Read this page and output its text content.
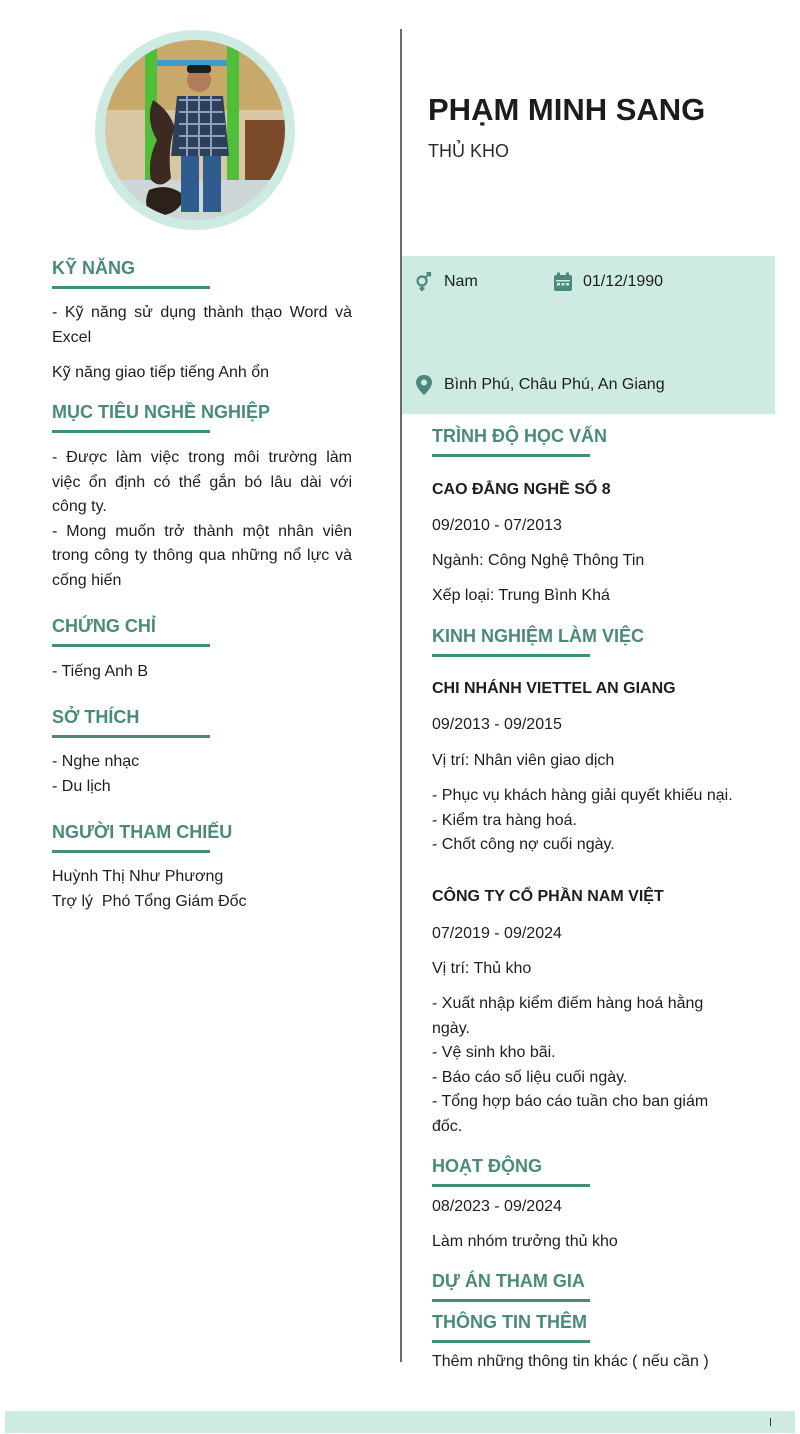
KỸ NĂNG

- Kỹ năng sử dụng thành thạo Word và Excel

Kỹ năng giao tiếp tiếng Anh ổn

MỤC TIÊU NGHỀ NGHIỆP

- Được làm việc trong môi trường làm việc ổn định có thể gắn bó lâu dài với công ty.
- Mong muốn trở thành một nhân viên trong công ty thông qua những nổ lực và cống hiến

CHỨNG CHỈ

- Tiếng Anh B

SỞ THÍCH

- Nghe nhạc

- Du lịch

NGƯỜI THAM CHIẾU

Huỳnh Thị Như Phương

Trợ lý  Phó Tổng Giám Đốc

PHẠM MINH SANG

THỦ KHO

Nam	01/12/1990
Bình Phú, Châu Phú, An Giang
TRÌNH ĐỘ HỌC VẤN

CAO ĐẲNG NGHỀ SỐ 8

09/2010 - 07/2013

Ngành: Công Nghệ Thông Tin

Xếp loại: Trung Bình Khá

KINH NGHIỆM LÀM VIỆC

CHI NHÁNH VIETTEL AN GIANG

09/2013 - 09/2015

Vị trí: Nhân viên giao dịch

- Phục vụ khách hàng giải quyết khiếu nại.
- Kiểm tra hàng hoá.
- Chốt công nợ cuối ngày.

CÔNG TY CỔ PHẦN NAM VIỆT

07/2019 - 09/2024

Vị trí: Thủ kho

- Xuất nhập kiểm điếm hàng hoá hằng ngày.
- Vệ sinh kho bãi.
- Báo cáo số liệu cuối ngày.
- Tổng hợp báo cáo tuần cho ban giám đốc.

HOẠT ĐỘNG

08/2023 - 09/2024

Làm nhóm trưởng thủ kho

DỰ ÁN THAM GIA
THÔNG TIN THÊM

Thêm những thông tin khác ( nếu cần )
